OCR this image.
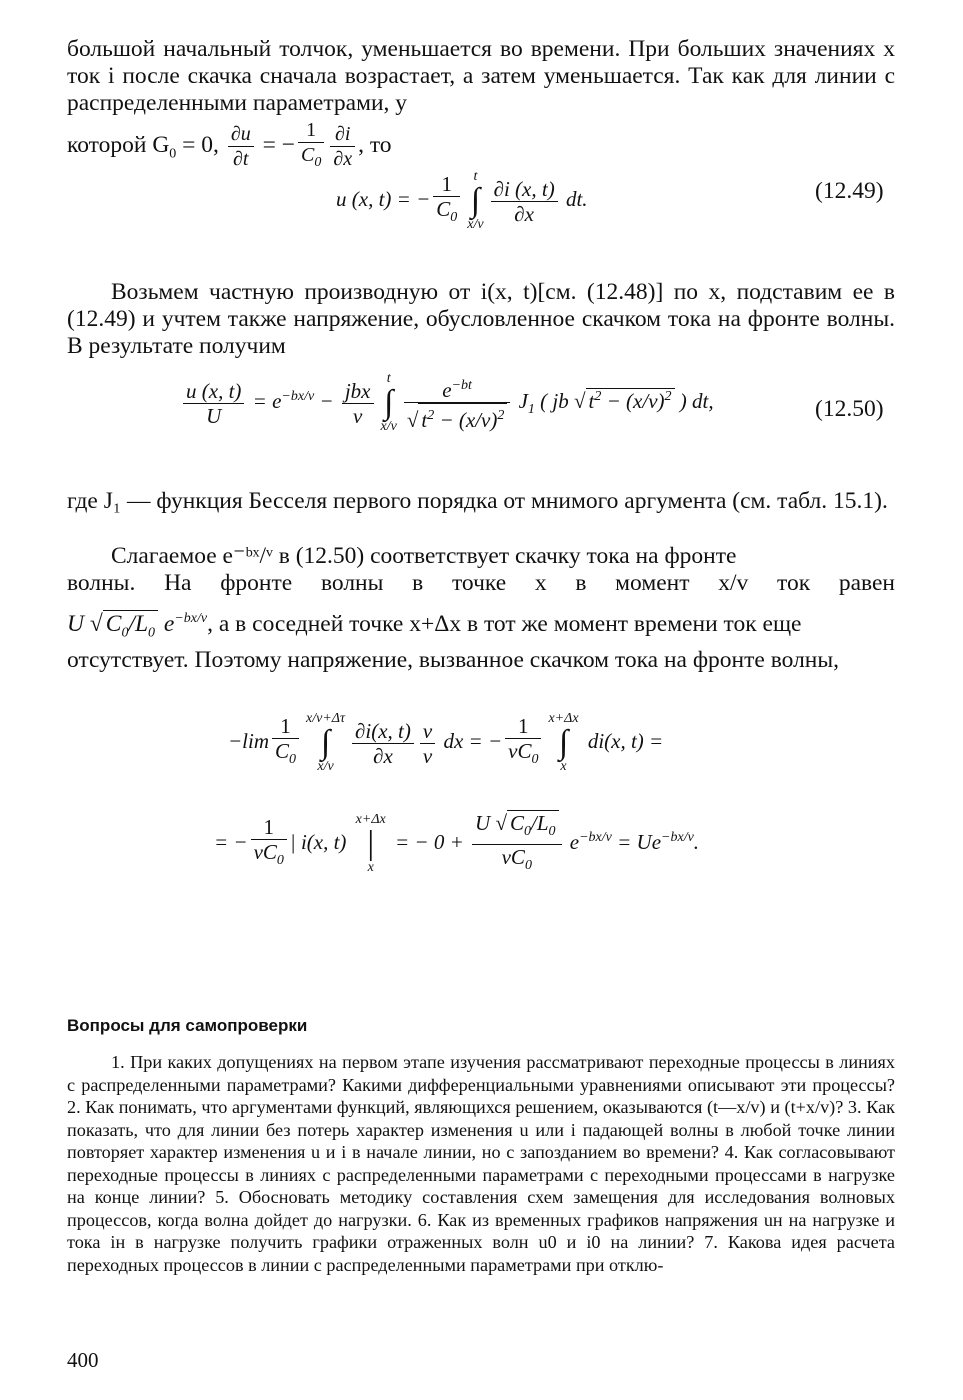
большой начальный толчок, уменьшается во времени. При больших значениях x ток i после скачка сначала возрастает, а затем уменьшается. Так как для линии с распределенными параметрами, у

которой $G_0 = 0$, $\frac{\partial u}{\partial t}$ = − $\frac{1}{C_0} \frac{\partial i}{\partial x}$ , то
u (x, t) = − $\frac{1}{C_0}$ t
∫
$x/v \frac{\partial i (x, t)}{\partial x}$ dt.	(12.49)

Возьмем частную производную от i(x, t)[см. (12.48)] по x, подставим ее в (12.49) и учтем также напряжение, обусловленное скачком тока на фронте волны. В результате получим

$\frac{u (x, t)}{U} = e^{-bx/v} - \frac{\text{jbx}}{v}$ t
∫
$x/v \frac{e^{-bt}}{√ t^2 - (x/v)^2} J_1$ ( jb √ $t^2 - (x/v)^2$ ) dt,	(12.50)

где J₁ — функция Бесселя первого порядка от мнимого аргумента (см. табл. 15.1).

Слагаемое e⁻ᵇˣ/ᵛ в (12.50) соответствует скачку тока на фронте
волны. На фронте волны в точке x в момент x/v ток равен
U √ $C_0/L_0$ $e^{-bx/v}$, а в соседней точке x+Δx в тот же момент времени ток еще
отсутствует. Поэтому напряжение, вызванное скачком тока на фронте волны,
$-\lim \frac{1}{C_0} x/v+\Delta\tau$
∫
$x/v \frac{\partial i(x, t)}{\partial x} \frac{v}{v}$ dx = − $\frac{1}{vC_0} x+\Delta x$
∫
x di(x, t) =
= − $\frac{1}{vC_0}$ | i(x, t) x+Δx
|
x = − $0 + \frac{U √ C_0/L_0}{vC_0} e^{-bx/v} = Ue^{-bx/v}$.
Вопросы для самопроверки

1. При каких допущениях на первом этапе изучения рассматривают переходные процессы в линиях с распределенными параметрами? Какими дифференциальными уравнениями описывают эти процессы? 2. Как понимать, что аргументами функций, являющихся решением, оказываются (t—x/v) и (t+x/v)? 3. Как показать, что для линии без потерь характер изменения u или i падающей волны в любой точке линии повторяет характер изменения u и i в начале линии, но с запозданием во времени? 4. Как согласовывают переходные процессы в линиях с распределенными параметрами с переходными процессами в нагрузке на конце линии? 5. Обосновать методику составления схем замещения для исследования волновых процессов, когда волна дойдет до нагрузки. 6. Как из временных графиков напряжения uн на нагрузке и тока iн в нагрузке получить графики отраженных волн u0 и i0 на линии? 7. Какова идея расчета переходных процессов в линии с распределенными параметрами при отклю-

400
